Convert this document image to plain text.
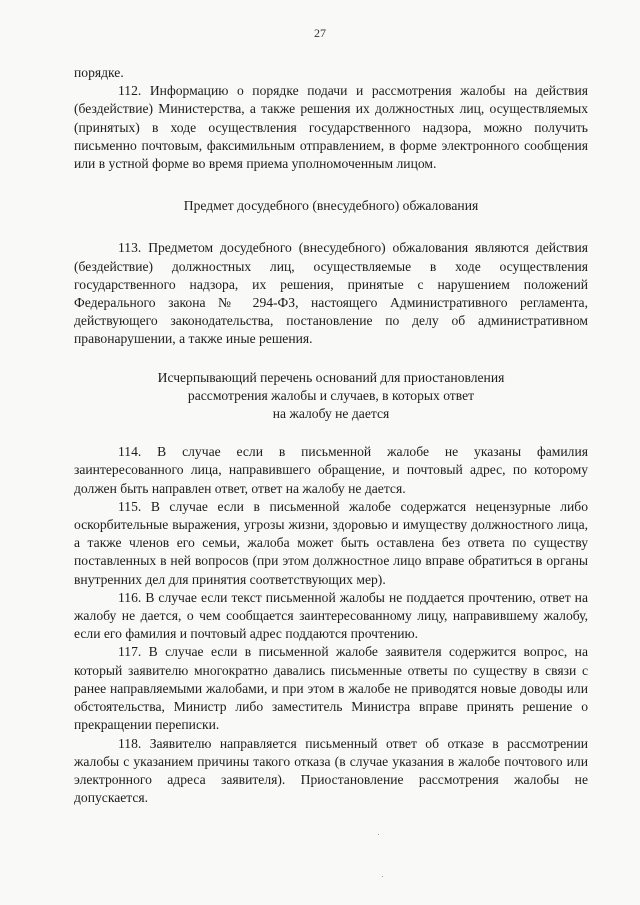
27

порядке.

112. Информацию о порядке подачи и рассмотрения жалобы на действия (бездействие) Министерства, а также решения их должностных лиц, осуществляемых (принятых) в ходе осуществления государственного надзора, можно получить письменно почтовым, факсимильным отправлением, в форме электронного сообщения или в устной форме во время приема уполномоченным лицом.

Предмет досудебного (внесудебного) обжалования

113. Предметом досудебного (внесудебного) обжалования являются действия (бездействие) должностных лиц, осуществляемые в ходе осуществления государственного надзора, их решения, принятые с нарушением положений Федерального закона № 294-ФЗ, настоящего Административного регламента, действующего законодательства, постановление по делу об административном правонарушении, а также иные решения.

Исчерпывающий перечень оснований для приостановления

рассмотрения жалобы и случаев, в которых ответ

на жалобу не дается

114. В случае если в письменной жалобе не указаны фамилия заинтересованного лица, направившего обращение, и почтовый адрес, по которому должен быть направлен ответ, ответ на жалобу не дается.

115. В случае если в письменной жалобе содержатся нецензурные либо оскорбительные выражения, угрозы жизни, здоровью и имуществу должностного лица, а также членов его семьи, жалоба может быть оставлена без ответа по существу поставленных в ней вопросов (при этом должностное лицо вправе обратиться в органы внутренних дел для принятия соответствующих мер).

116. В случае если текст письменной жалобы не поддается прочтению, ответ на жалобу не дается, о чем сообщается заинтересованному лицу, направившему жалобу, если его фамилия и почтовый адрес поддаются прочтению.

117. В случае если в письменной жалобе заявителя содержится вопрос, на который заявителю многократно давались письменные ответы по существу в связи с ранее направляемыми жалобами, и при этом в жалобе не приводятся новые доводы или обстоятельства, Министр либо заместитель Министра вправе принять решение о прекращении переписки.

118. Заявителю направляется письменный ответ об отказе в рассмотрении жалобы с указанием причины такого отказа (в случае указания в жалобе почтового или электронного адреса заявителя). Приостановление рассмотрения жалобы не допускается.
